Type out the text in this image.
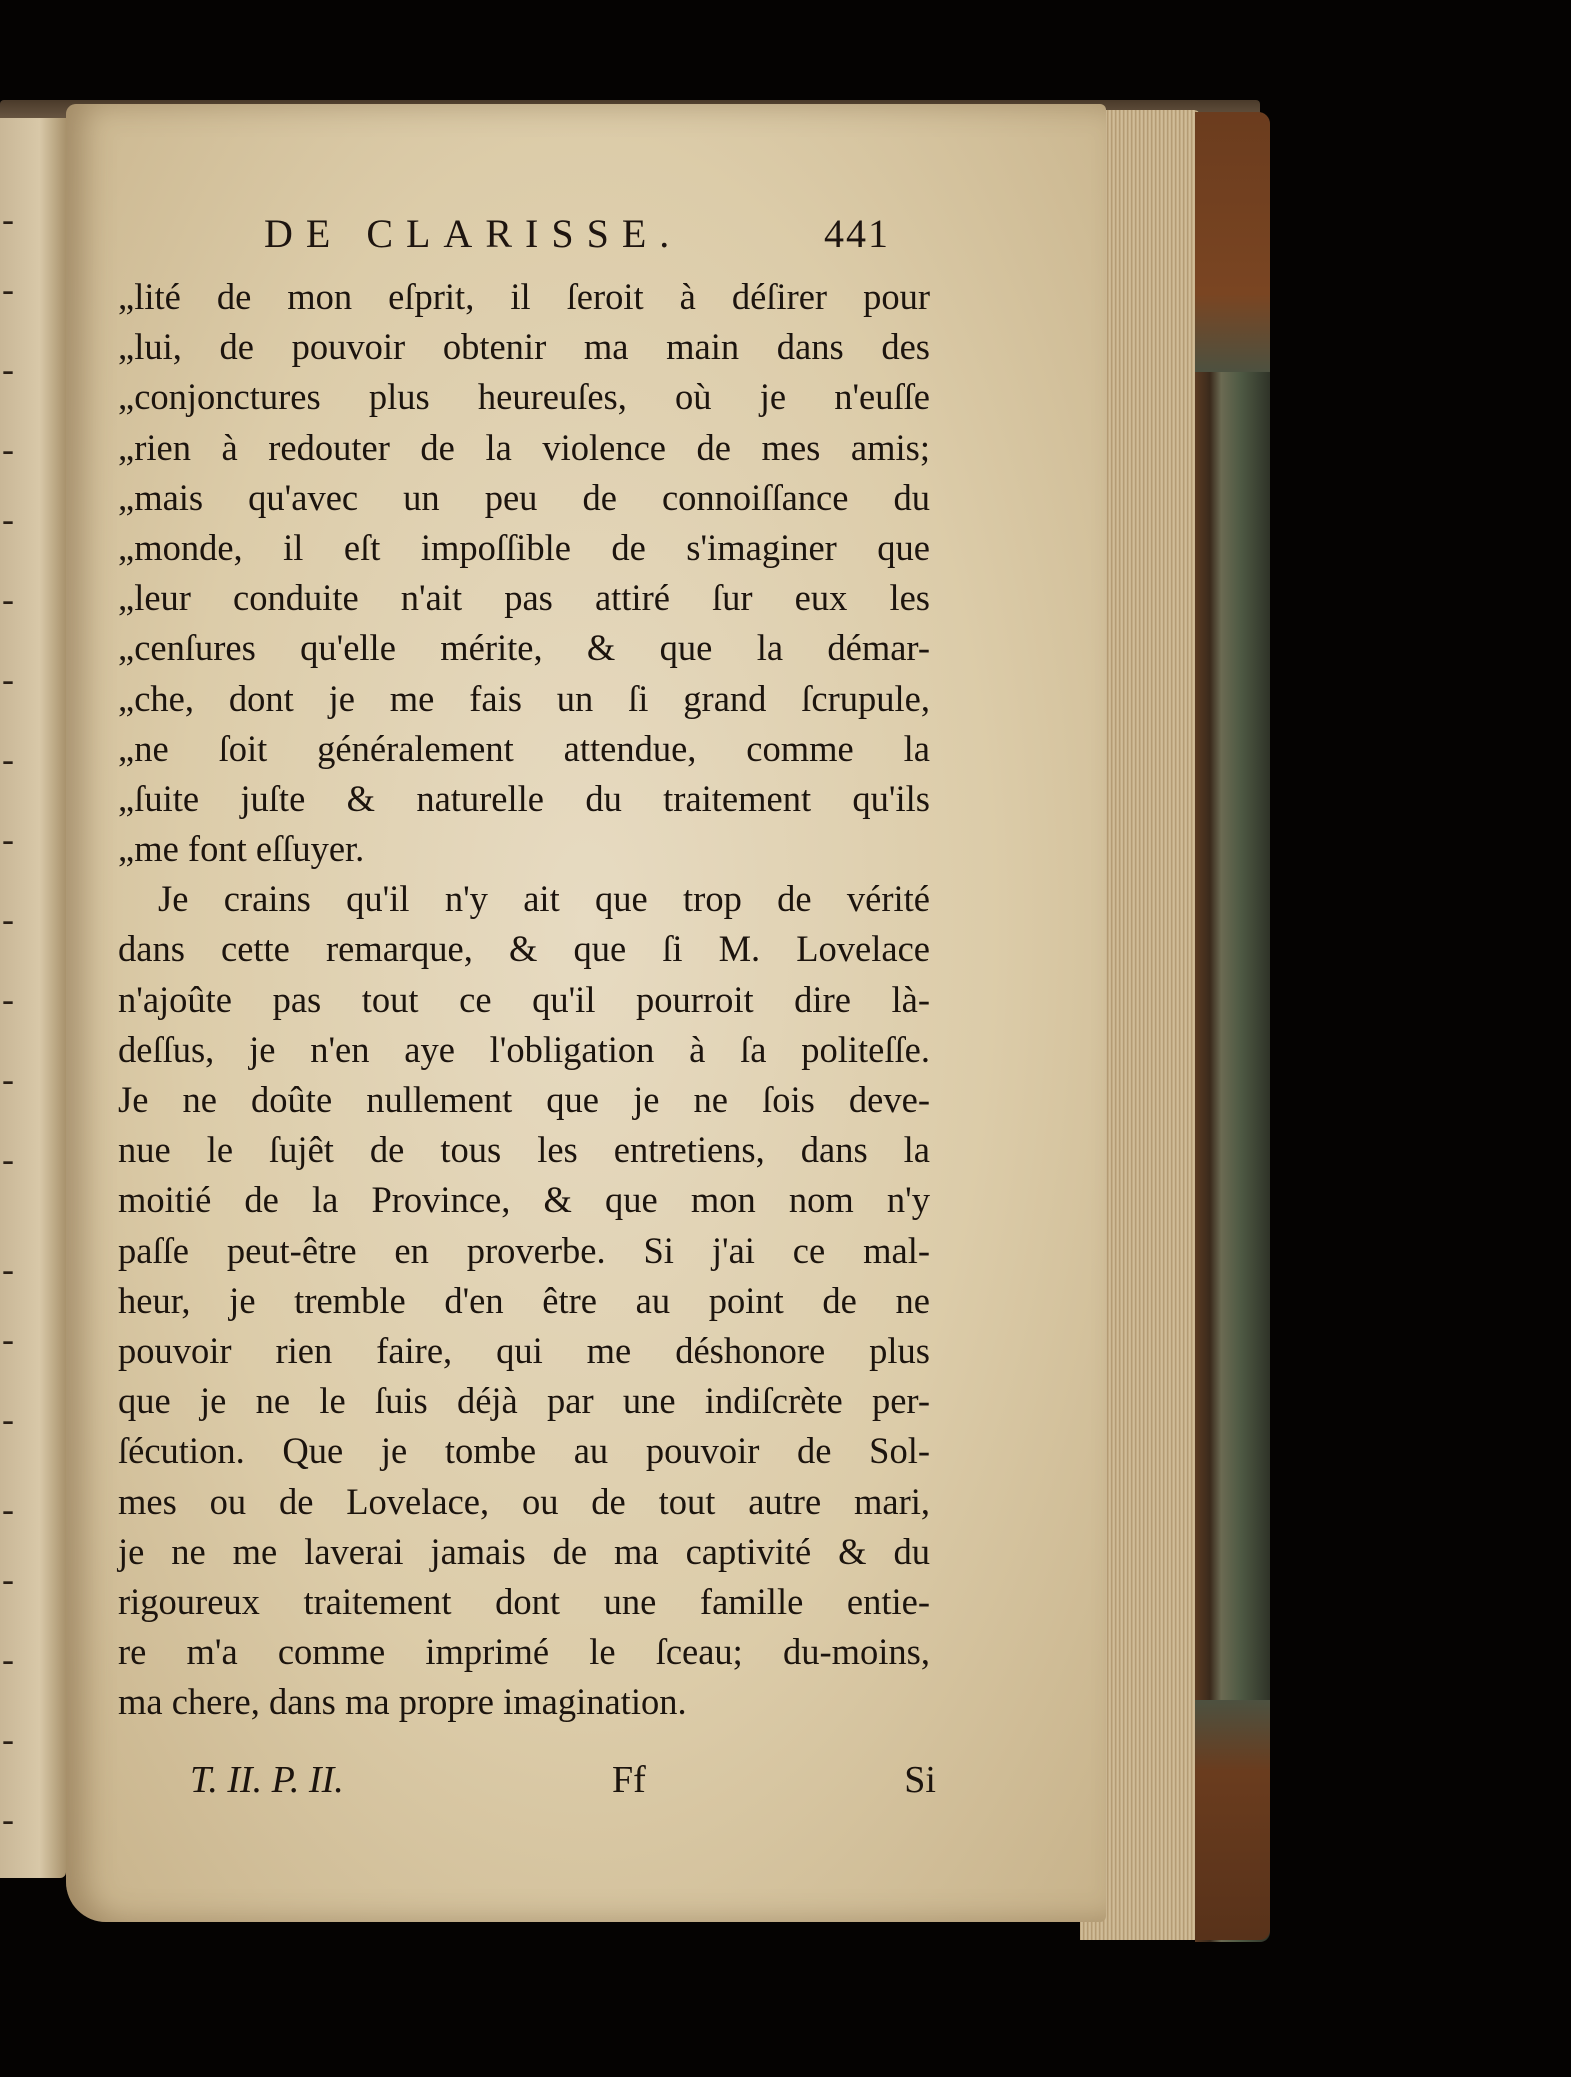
-
-
-
-
-
-
-
-
-
-
-
-
-
-
-
-
-
-
-
-
-
DE CLARISSE.	441
„lité de mon eſprit, il ſeroit à déſirer pour
„lui, de pouvoir obtenir ma main dans des
„conjonctures plus heureuſes, où je n'euſſe
„rien à redouter de la violence de mes amis;
„mais qu'avec un peu de connoiſſance du
„monde, il eſt impoſſible de s'imaginer que
„leur conduite n'ait pas attiré ſur eux les
„cenſures qu'elle mérite, & que la démar-
„che, dont je me fais un ſi grand ſcrupule,
„ne ſoit généralement attendue, comme la
„ſuite juſte & naturelle du traitement qu'ils
„me font eſſuyer.
Je crains qu'il n'y ait que trop de vérité
dans cette remarque, & que ſi M. Lovelace
n'ajoûte pas tout ce qu'il pourroit dire là-
deſſus, je n'en aye l'obligation à ſa politeſſe.
Je ne doûte nullement que je ne ſois deve-
nue le ſujêt de tous les entretiens, dans la
moitié de la Province, & que mon nom n'y
paſſe peut-être en proverbe. Si j'ai ce mal-
heur, je tremble d'en être au point de ne
pouvoir rien faire, qui me déshonore plus
que je ne le ſuis déjà par une indiſcrète per-
ſécution. Que je tombe au pouvoir de Sol-
mes ou de Lovelace, ou de tout autre mari,
je ne me laverai jamais de ma captivité & du
rigoureux traitement dont une famille entie-
re m'a comme imprimé le ſceau; du-moins,
ma chere, dans ma propre imagination.
T. II. P. II.	Ff	Si
